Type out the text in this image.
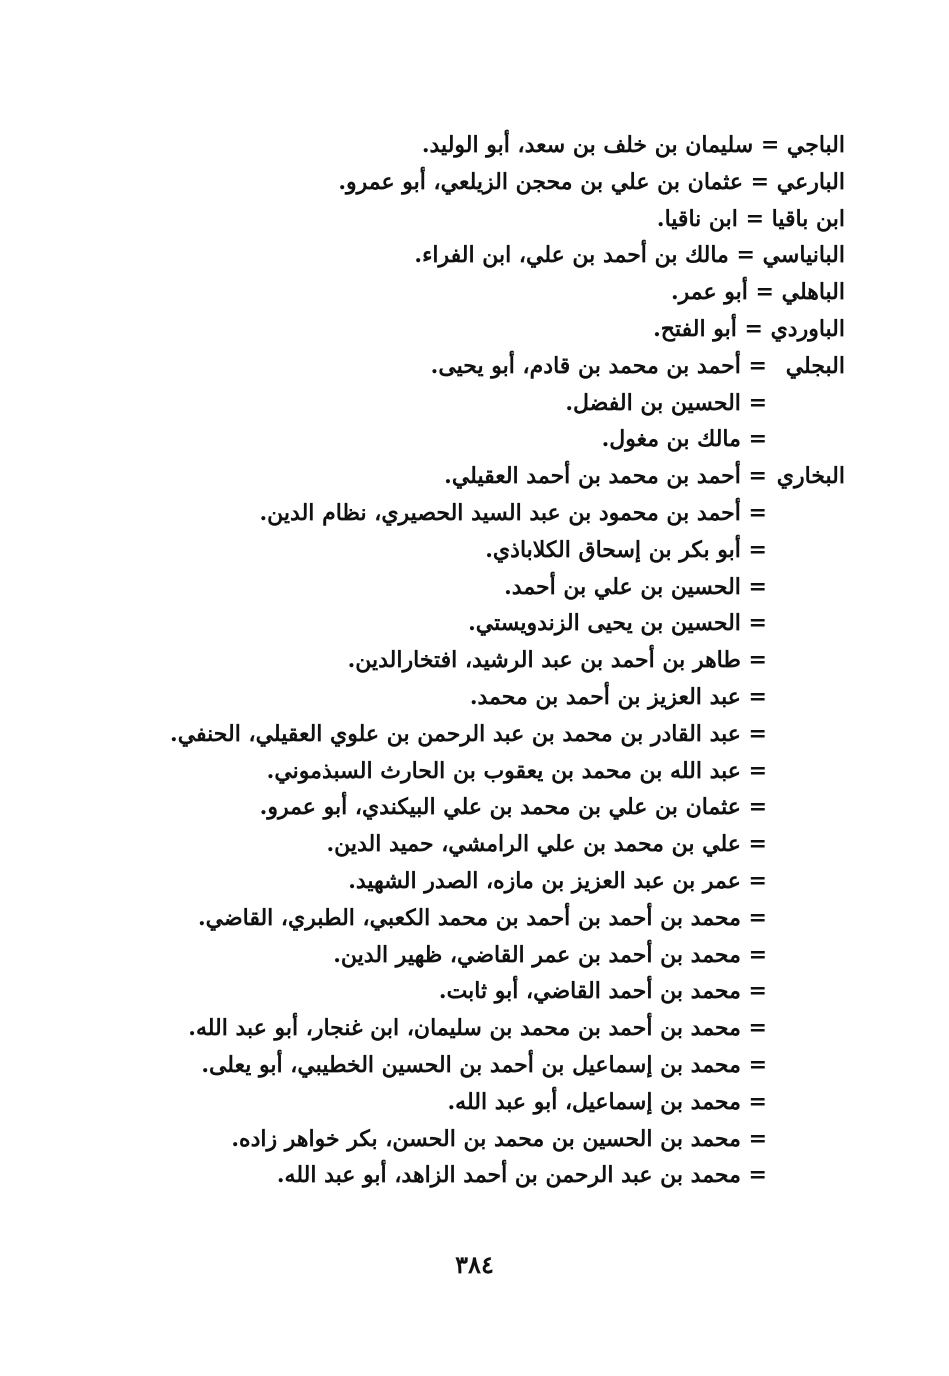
الباجي = سليمان بن خلف بن سعد، أبو الوليد.
البارعي = عثمان بن علي بن محجن الزيلعي، أبو عمرو.
ابن باقيا = ابن ناقيا.
البانياسي = مالك بن أحمد بن علي، ابن الفراء.
الباهلي = أبو عمر.
الباوردي = أبو الفتح.
البجلي
= أحمد بن محمد بن قادم، أبو يحيى.
= الحسين بن الفضل.
= مالك بن مغول.
البخاري
= أحمد بن محمد بن أحمد العقيلي.
= أحمد بن محمود بن عبد السيد الحصيري، نظام الدين.
= أبو بكر بن إسحاق الكلاباذي.
= الحسين بن علي بن أحمد.
= الحسين بن يحيى الزندويستي.
= طاهر بن أحمد بن عبد الرشيد، افتخارالدين.
= عبد العزيز بن أحمد بن محمد.
= عبد القادر بن محمد بن عبد الرحمن بن علوي العقيلي، الحنفي.
= عبد الله بن محمد بن يعقوب بن الحارث السبذموني.
= عثمان بن علي بن محمد بن علي البيكندي، أبو عمرو.
= علي بن محمد بن علي الرامشي، حميد الدين.
= عمر بن عبد العزيز بن مازه، الصدر الشهيد.
= محمد بن أحمد بن أحمد بن محمد الكعبي، الطبري، القاضي.
= محمد بن أحمد بن عمر القاضي، ظهير الدين.
= محمد بن أحمد القاضي، أبو ثابت.
= محمد بن أحمد بن محمد بن سليمان، ابن غنجار، أبو عبد الله.
= محمد بن إسماعيل بن أحمد بن الحسين الخطيبي، أبو يعلى.
= محمد بن إسماعيل، أبو عبد الله.
= محمد بن الحسين بن محمد بن الحسن، بكر خواهر زاده.
= محمد بن عبد الرحمن بن أحمد الزاهد، أبو عبد الله.
٣٨٤
